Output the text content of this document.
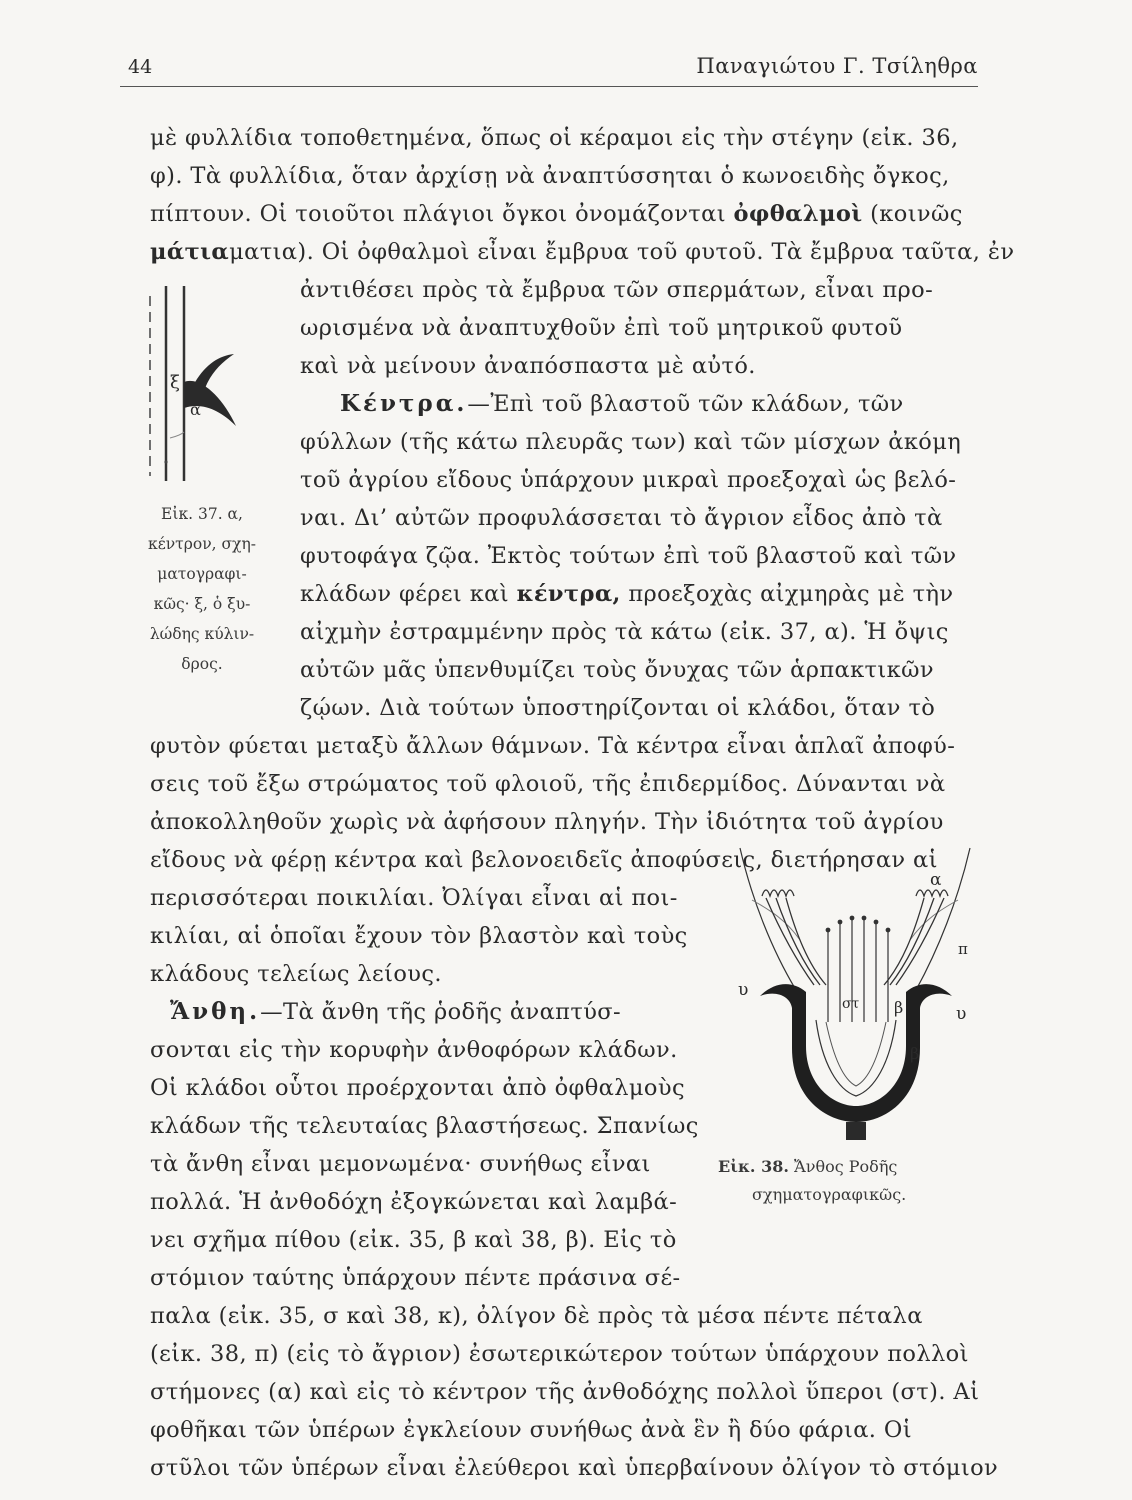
44	Παναγιώτου Γ. Τσίληθρα
μὲ φυλλίδια τοποθετημένα, ὅπως οἱ κέραμοι εἰς τὴν στέγην (εἰκ. 36,
φ). Τὰ φυλλίδια, ὅταν ἀρχίσῃ νὰ ἀναπτύσσηται ὁ κωνοειδὴς ὄγκος,
πίπτουν. Οἱ τοιοῦτοι πλάγιοι ὄγκοι ὀνομάζονται ὀφθαλμοὶ (κοινῶς
μάτιαματια). Οἱ ὀφθαλμοὶ εἶναι ἔμβρυα τοῦ φυτοῦ. Τὰ ἔμβρυα ταῦτα, ἐν
ἀντιθέσει πρὸς τὰ ἔμβρυα τῶν σπερμάτων, εἶναι προ-
ωρισμένα νὰ ἀναπτυχθοῦν ἐπὶ τοῦ μητρικοῦ φυτοῦ
καὶ νὰ μείνουν ἀναπόσπαστα μὲ αὐτό.
Κέντρα.—Ἐπὶ τοῦ βλαστοῦ τῶν κλάδων, τῶν
φύλλων (τῆς κάτω πλευρᾶς των) καὶ τῶν μίσχων ἀκόμη
τοῦ ἀγρίου εἴδους ὑπάρχουν μικραὶ προεξοχαὶ ὡς βελό-
ναι. Δι’ αὐτῶν προφυλάσσεται τὸ ἄγριον εἶδος ἀπὸ τὰ
φυτοφάγα ζῷα. Ἐκτὸς τούτων ἐπὶ τοῦ βλαστοῦ καὶ τῶν
κλάδων φέρει καὶ κέντρα, προεξοχὰς αἰχμηρὰς μὲ τὴν
αἰχμὴν ἐστραμμένην πρὸς τὰ κάτω (εἰκ. 37, α). Ἡ ὄψις
αὐτῶν μᾶς ὑπενθυμίζει τοὺς ὄνυχας τῶν ἁρπακτικῶν
ζῴων. Διὰ τούτων ὑποστηρίζονται οἱ κλάδοι, ὅταν τὸ
φυτὸν φύεται μεταξὺ ἄλλων θάμνων. Τὰ κέντρα εἶναι ἁπλαῖ ἀποφύ-
σεις τοῦ ἔξω στρώματος τοῦ φλοιοῦ, τῆς ἐπιδερμίδος. Δύνανται νὰ
ἀποκολληθοῦν χωρὶς νὰ ἀφήσουν πληγήν. Τὴν ἰδιότητα τοῦ ἀγρίου
εἴδους νὰ φέρῃ κέντρα καὶ βελονοειδεῖς ἀποφύσεις, διετήρησαν αἱ
περισσότεραι ποικιλίαι. Ὀλίγαι εἶναι αἱ ποι-
κιλίαι, αἱ ὁποῖαι ἔχουν τὸν βλαστὸν καὶ τοὺς
κλάδους τελείως λείους.
Ἄνθη.—Τὰ ἄνθη τῆς ῥοδῆς ἀναπτύσ-
σονται εἰς τὴν κορυφὴν ἀνθοφόρων κλάδων.
Οἱ κλάδοι οὗτοι προέρχονται ἀπὸ ὀφθαλμοὺς
κλάδων τῆς τελευταίας βλαστήσεως. Σπανίως
τὰ ἄνθη εἶναι μεμονωμένα· συνήθως εἶναι
πολλά. Ἡ ἀνθοδόχη ἐξογκώνεται καὶ λαμβά-
νει σχῆμα πίθου (εἰκ. 35, β καὶ 38, β). Εἰς τὸ
στόμιον ταύτης ὑπάρχουν πέντε πράσινα σέ-
παλα (εἰκ. 35, σ καὶ 38, κ), ὀλίγον δὲ πρὸς τὰ μέσα πέντε πέταλα
(εἰκ. 38, π) (εἰς τὸ ἄγριον) ἐσωτερικώτερον τούτων ὑπάρχουν πολλοὶ
στήμονες (α) καὶ εἰς τὸ κέντρον τῆς ἀνθοδόχης πολλοὶ ὕπεροι (στ). Αἱ
φοθῆκαι τῶν ὑπέρων ἐγκλείουν συνήθως ἀνὰ ἓν ἢ δύο φάρια. Οἱ
στῦλοι τῶν ὑπέρων εἶναι ἐλεύθεροι καὶ ὑπερβαίνουν ὀλίγον τὸ στόμιον
ξ
α
Εἰκ. 37. α,
κέντρον, σχη-
ματογραφι-
κῶς· ξ, ὁ ξυ-
λώδης κύλιν-
δρος.
α
π
υ
υ
β
β
στ
Εἰκ. 38. Ἄνθος Ροδῆς
σχηματογραφικῶς.
